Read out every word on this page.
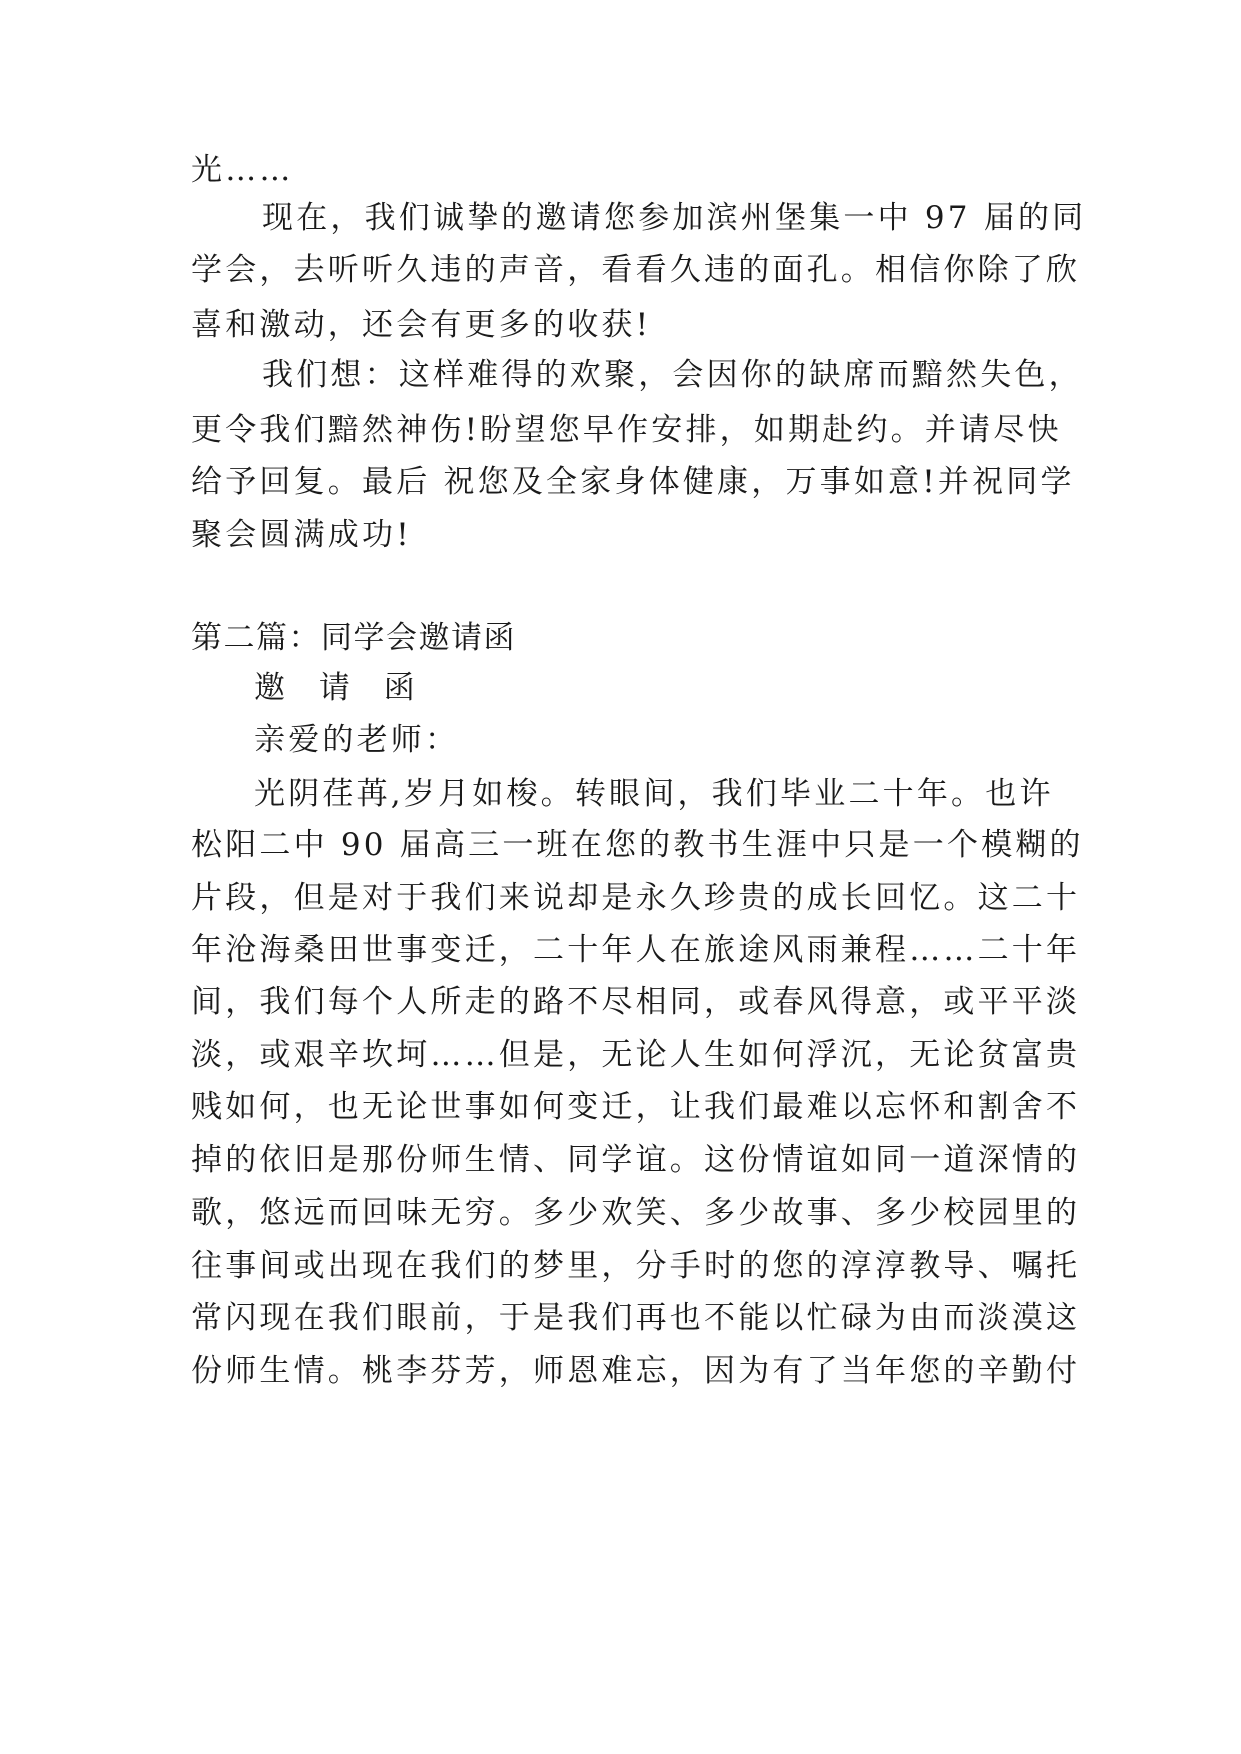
光……

现在，我们诚挚的邀请您参加滨州堡集一中 97 届的同

学会，去听听久违的声音，看看久违的面孔。相信你除了欣

喜和激动，还会有更多的收获!

我们想：这样难得的欢聚，会因你的缺席而黯然失色，

更令我们黯然神伤!盼望您早作安排，如期赴约。并请尽快

给予回复。最后 祝您及全家身体健康，万事如意!并祝同学

聚会圆满成功!

第二篇：同学会邀请函

邀 请 函

亲爱的老师：

光阴荏苒,岁月如梭。转眼间，我们毕业二十年。也许

松阳二中 90 届高三一班在您的教书生涯中只是一个模糊的

片段，但是对于我们来说却是永久珍贵的成长回忆。这二十

年沧海桑田世事变迁，二十年人在旅途风雨兼程……二十年

间，我们每个人所走的路不尽相同，或春风得意，或平平淡

淡，或艰辛坎坷……但是，无论人生如何浮沉，无论贫富贵

贱如何，也无论世事如何变迁，让我们最难以忘怀和割舍不

掉的依旧是那份师生情、同学谊。这份情谊如同一道深情的

歌，悠远而回味无穷。多少欢笑、多少故事、多少校园里的

往事间或出现在我们的梦里，分手时的您的淳淳教导、嘱托

常闪现在我们眼前，于是我们再也不能以忙碌为由而淡漠这

份师生情。桃李芬芳，师恩难忘，因为有了当年您的辛勤付
